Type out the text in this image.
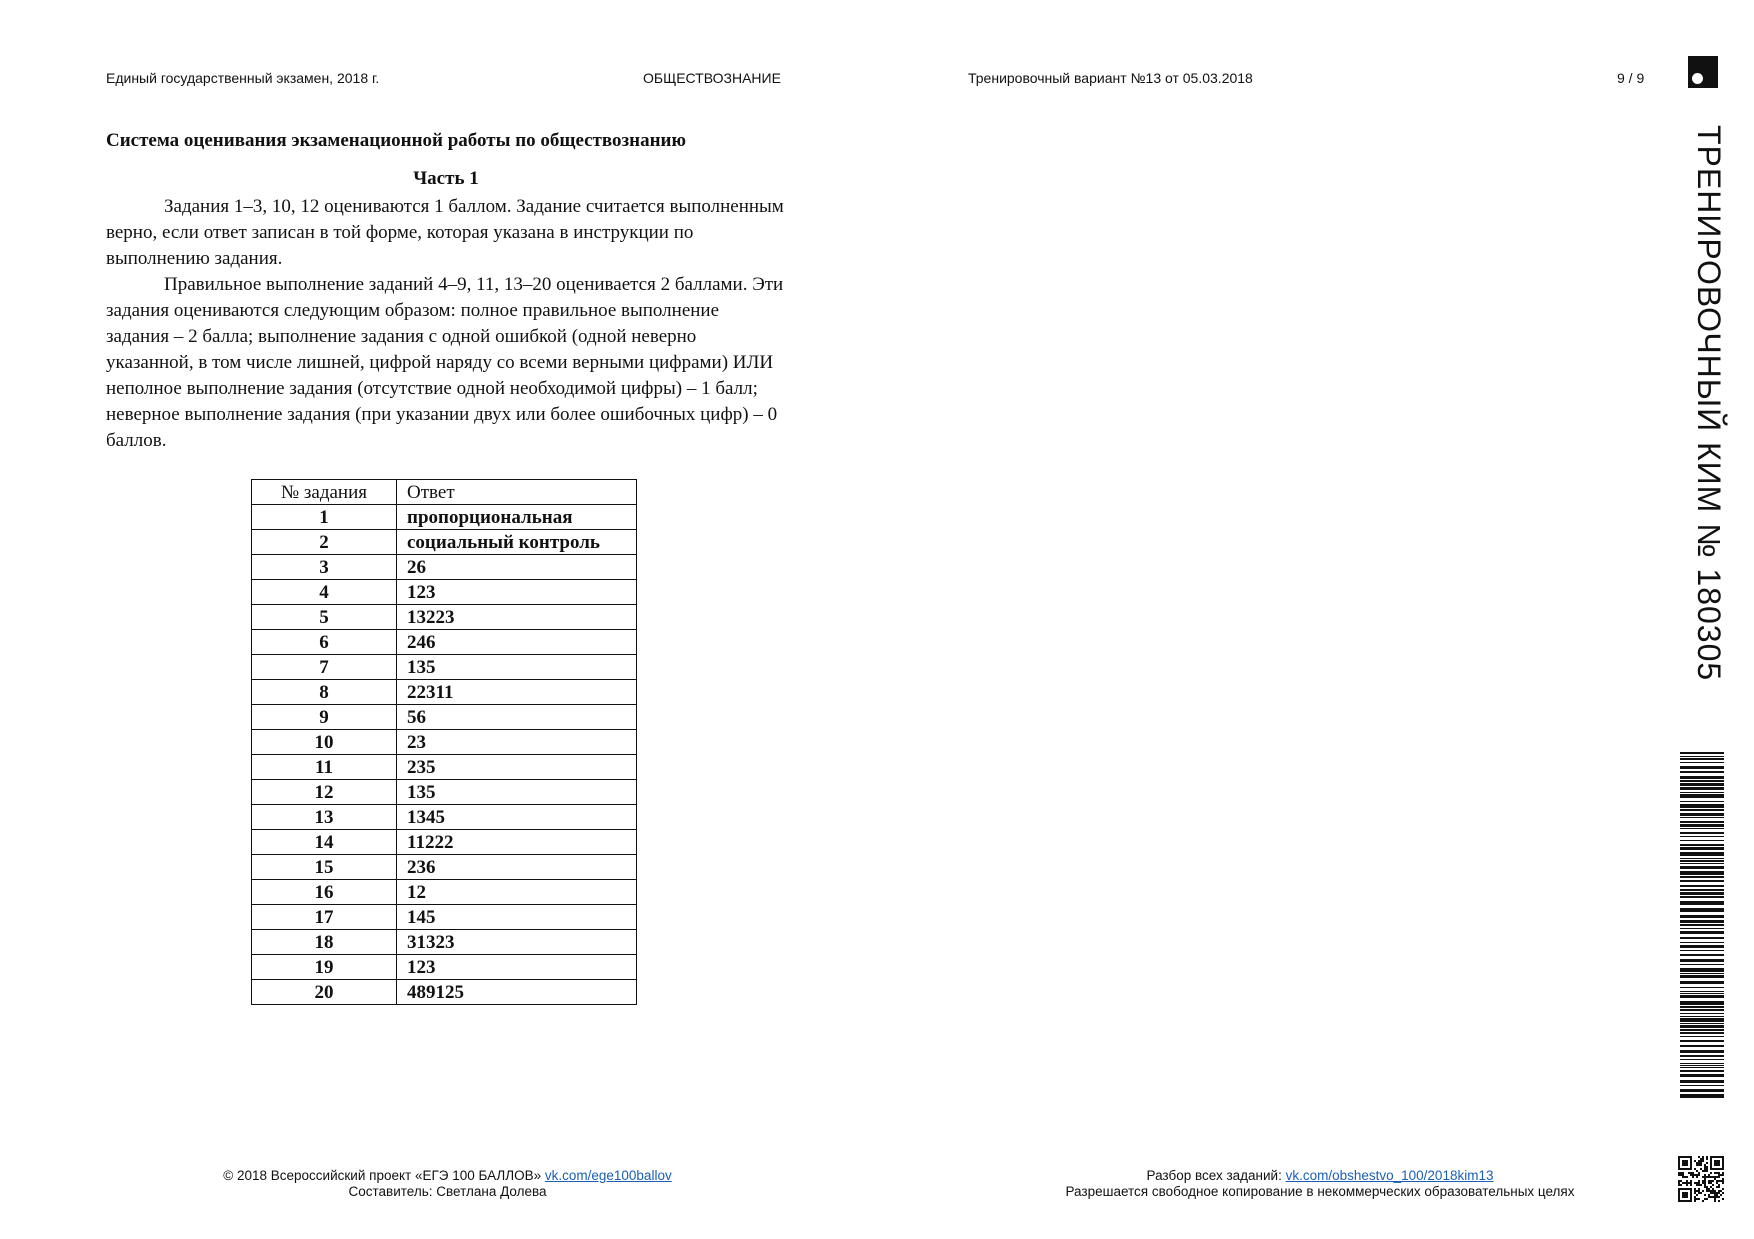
Единый государственный экзамен, 2018 г.	ОБЩЕСТВОЗНАНИЕ	Тренировочный вариант №13 от 05.03.2018	9 / 9
ТРЕНИРОВОЧНЫЙ КИМ № 180305
Система оценивания экзаменационной работы по обществознанию
Часть 1

Задания 1–3, 10, 12 оцениваются 1 баллом. Задание считается выполненным верно, если ответ записан в той форме, которая указана в инструкции по выполнению задания.

Правильное выполнение заданий 4–9, 11, 13–20 оценивается 2 баллами. Эти задания оцениваются следующим образом: полное правильное выполнение задания – 2 балла; выполнение задания с одной ошибкой (одной неверно указанной, в том числе лишней, цифрой наряду со всеми верными цифрами) ИЛИ неполное выполнение задания (отсутствие одной необходимой цифры) – 1 балл; неверное выполнение задания (при указании двух или более ошибочных цифр) – 0 баллов.

№ задания	Ответ
1	пропорциональная
2	социальный контроль
3	26
4	123
5	13223
6	246
7	135
8	22311
9	56
10	23
11	235
12	135
13	1345
14	11222
15	236
16	12
17	145
18	31323
19	123
20	489125
© 2018 Всероссийский проект «ЕГЭ 100 БАЛЛОВ» vk.com/ege100ballov
Составитель: Светлана Долева
Разбор всех заданий: vk.com/obshestvo_100/2018kim13
Разрешается свободное копирование в некоммерческих образовательных целях
